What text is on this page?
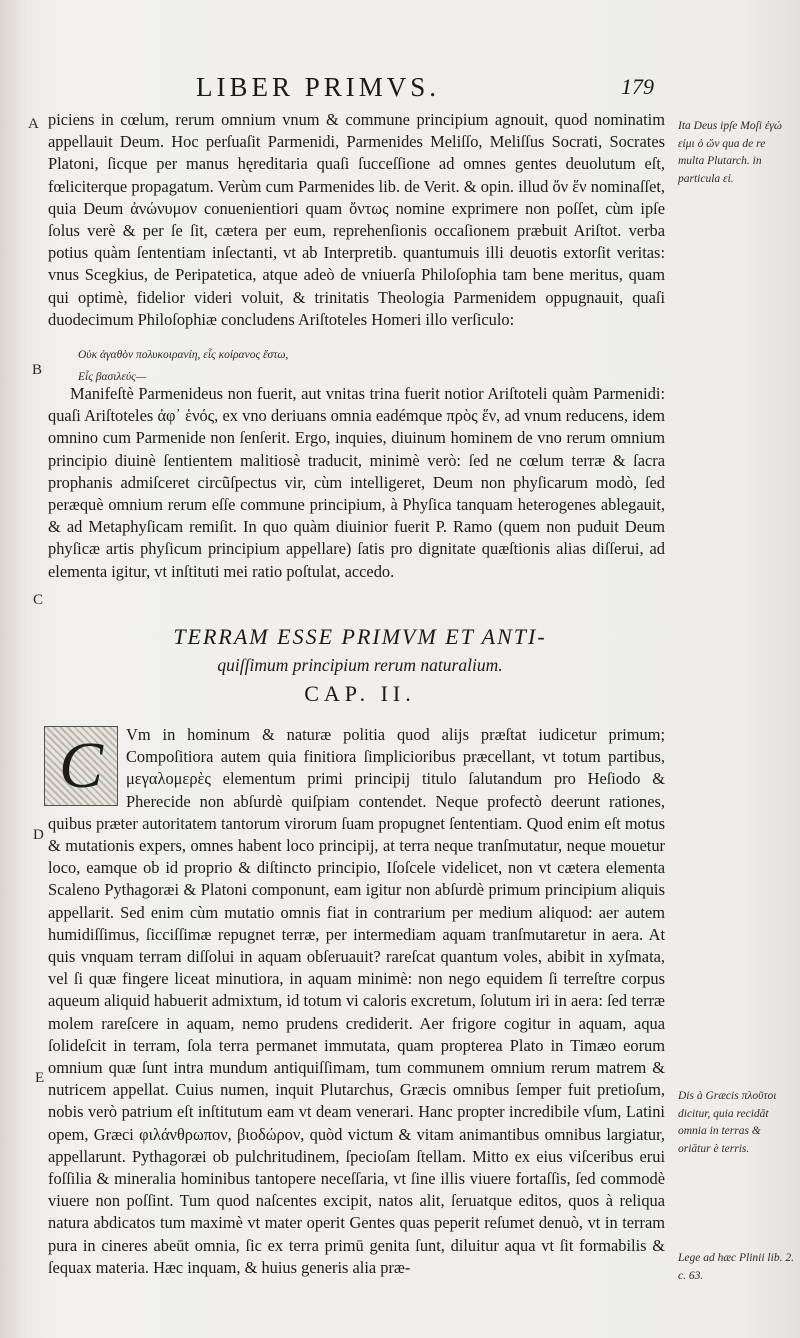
LIBER PRIMVS.	179
A
B
C
D
E

piciens in cœlum, rerum omnium vnum & commune principium agnouit, quod nominatim appellauit Deum. Hoc perſuaſit Parmenidi, Parmenides Meliſſo, Meliſſus Socrati, Socrates Platoni, ſicque per manus hęreditaria quaſi ſucceſſione ad omnes gentes deuolutum eſt, fœliciterque propagatum. Verùm cum Parmenides lib. de Verit. & opin. illud ὄν ἕν nominaſſet, quia Deum ἀνώνυμον conuenientiori quam ὄντως nomine exprimere non poſſet, cùm ipſe ſolus verè & per ſe ſit, cætera per eum, reprehenſionis occaſionem præbuit Ariſtot. verba potius quàm ſententiam inſectanti, vt ab Interpretib. quantumuis illi deuotis extorſit veritas: vnus Scegkius, de Peripatetica, atque adeò de vniuerſa Philoſophia tam bene meritus, quam qui optimè, fidelior videri voluit, & trinitatis Theologia Parmenidem oppugnauit, quaſi duodecimum Philoſophiæ concludens Ariſtoteles Homeri illo verſiculo:

Οὐκ ἀγαθὸν πολυκοιρανίη, εἷς κοίρανος ἔστω,
Εἷς βασιλεύς—

Manifeſtè Parmenideus non fuerit, aut vnitas trina fuerit notior Ariſtoteli quàm Parmenidi: quaſi Ariſtoteles ἀφ᾽ ἑνός, ex vno deriuans omnia eadémque πρὸς ἕν, ad vnum reducens, idem omnino cum Parmenide non ſenſerit. Ergo, inquies, diuinum hominem de vno rerum omnium principio diuinè ſentientem malitiosè traducit, minimè verò: ſed ne cœlum terræ & ſacra prophanis admiſceret circũſpectus vir, cùm intelligeret, Deum non phyſicarum modò, ſed peræquè omnium rerum eſſe commune principium, à Phyſica tanquam heterogenes ablegauit, & ad Metaphyſicam remiſit. In quo quàm diuinior fuerit P. Ramo (quem non puduit Deum phyſicæ artis phyſicum principium appellare) ſatis pro dignitate quæſtionis alias diſſerui, ad elementa igitur, vt inſtituti mei ratio poſtulat, accedo.

TERRAM ESSE PRIMVM ET ANTI-
quiſſimum principium rerum naturalium.
CAP. II.
C	Vm in hominum & naturæ politia quod alijs præſtat iudicetur primum; Compoſitiora autem quia finitiora ſimplicioribus præcellant, vt totum partibus, μεγαλομερὲς elementum primi principij titulo ſalutandum pro Heſiodo & Pherecide non abſurdè quiſpiam contendet. Neque profectò deerunt rationes, quibus præter autoritatem tantorum virorum ſuam propugnet ſententiam. Quod enim eſt motus & mutationis expers, omnes habent loco principij, at terra neque tranſmutatur, neque mouetur loco, eamque ob id proprio & diſtincto principio, Iſoſcele videlicet, non vt cætera elementa Scaleno Pythagoræi & Platoni componunt, eam igitur non abſurdè primum principium aliquis appellarit. Sed enim cùm mutatio omnis fiat in contrarium per medium aliquod: aer autem humidiſſimus, ſicciſſimæ repugnet terræ, per intermediam aquam tranſmutaretur in aera. At quis vnquam terram diſſolui in aquam obſeruauit? rareſcat quantum voles, abibit in xyſmata, vel ſi quæ fingere liceat minutiora, in aquam minimè: non nego equidem ſi terreſtre corpus aqueum aliquid habuerit admixtum, id totum vi caloris excretum, ſolutum iri in aera: ſed terræ molem rareſcere in aquam, nemo prudens crediderit. Aer frigore cogitur in aquam, aqua ſolideſcit in terram, ſola terra permanet immutata, quam propterea Plato in Timæo eorum omnium quæ ſunt intra mundum antiquiſſimam, tum communem omnium rerum matrem & nutricem appellat. Cuius numen, inquit Plutarchus, Græcis omnibus ſemper fuit pretioſum, nobis verò patrium eſt inſtitutum eam vt deam venerari. Hanc propter incredibile vſum, Latini opem, Græci φιλάνθρωπον, βιοδώρον, quòd victum & vitam animantibus omnibus largiatur, appellarunt. Pythagoræi ob pulchritudinem, ſpecioſam ſtellam. Mitto ex eius viſceribus erui foſſilia & mineralia hominibus tantopere neceſſaria, vt ſine illis viuere fortaſſis, ſed commodè viuere non poſſint. Tum quod naſcentes excipit, natos alit, ſeruatque editos, quos à reliqua natura abdicatos tum maximè vt mater operit Gentes quas peperit reſumet denuò, vt in terram pura in cineres abeūt omnia, ſic ex terra primū genita ſunt, diluitur aqua vt ſit formabilis & ſequax materia. Hæc inquam, & huius generis alia præ-

Ita Deus ipſe Moſi ἐγώ εἰμι ὁ ὤν qua de re multa Plutarch. in particula εἰ.
Dis à Græcis πλοῦτοι dicitur, quia recidāt omnia in terras & oriātur è terris.
Lege ad hæc Plinii lib. 2. c. 63.
